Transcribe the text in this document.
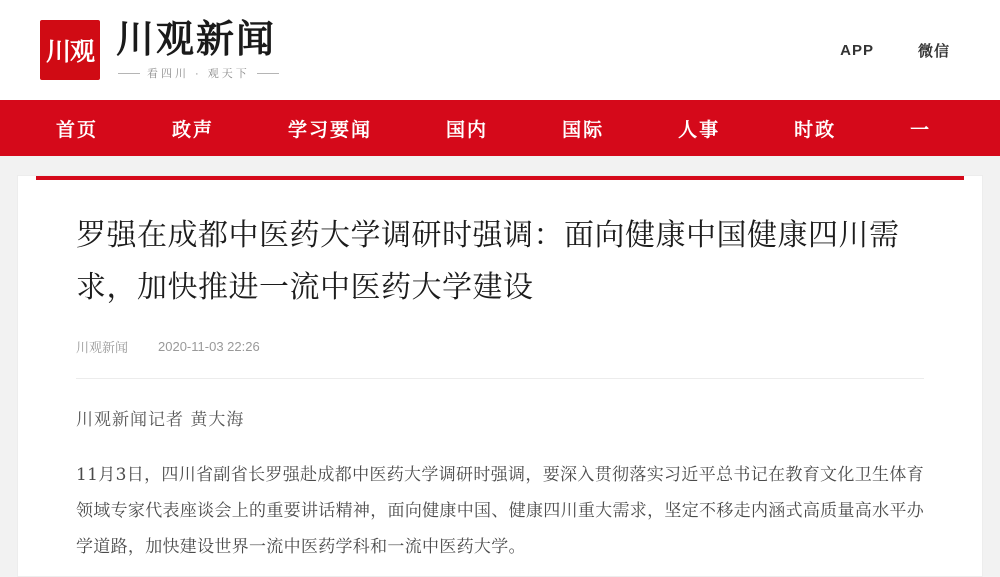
川观 川观新闻
看四川 · 观天下
APP	微信
首页	政声	学习要闻	国内	国际	人事	时政	一
罗强在成都中医药大学调研时强调：面向健康中国健康四川需求，加快推进一流中医药大学建设
川观新闻 2020-11-03 22:26
川观新闻记者 黄大海

11月3日，四川省副省长罗强赴成都中医药大学调研时强调，要深入贯彻落实习近平总书记在教育文化卫生体育领域专家代表座谈会上的重要讲话精神，面向健康中国、健康四川重大需求，坚定不移走内涵式高质量高水平办学道路，加快建设世界一流中医药学科和一流中医药大学。
